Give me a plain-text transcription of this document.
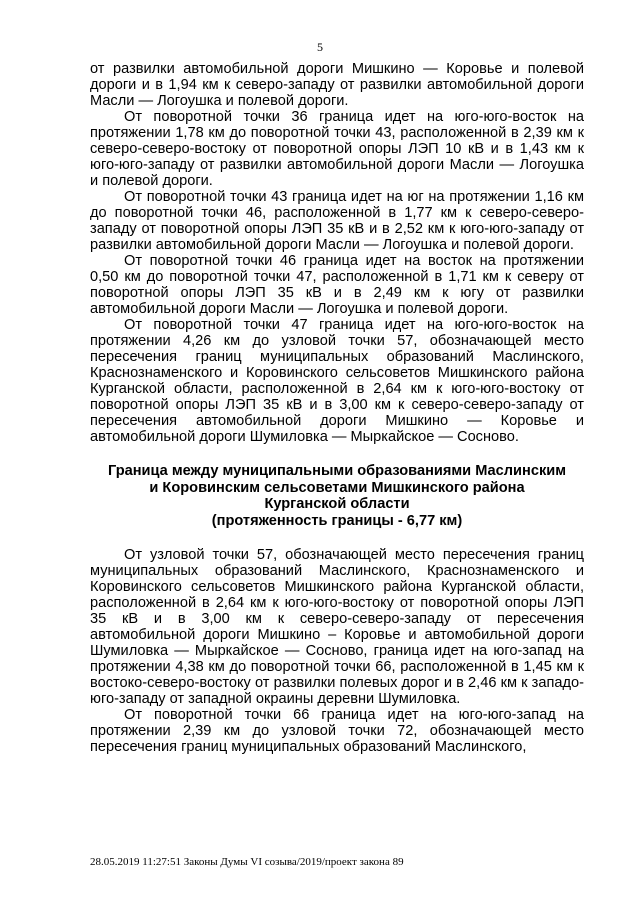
5

от развилки автомобильной дороги Мишкино — Коровье и полевой дороги и в 1,94 км к северо-западу от развилки автомобильной дороги Масли — Логоушка и полевой дороги.

От поворотной точки 36 граница идет на юго-юго-восток на протяжении 1,78 км до поворотной точки 43, расположенной в 2,39 км к северо-северо-востоку от поворотной опоры ЛЭП 10 кВ и в 1,43 км к юго-юго-западу от развилки автомобильной дороги Масли — Логоушка и полевой дороги.

От поворотной точки 43 граница идет на юг на протяжении 1,16 км до поворотной точки 46, расположенной в 1,77 км к северо-северо-западу от поворотной опоры ЛЭП 35 кВ и в 2,52 км к юго-юго-западу от развилки автомобильной дороги Масли — Логоушка и полевой дороги.

От поворотной точки 46 граница идет на восток на протяжении 0,50 км до поворотной точки 47, расположенной в 1,71 км к северу от поворотной опоры ЛЭП 35 кВ и в 2,49 км к югу от развилки автомобильной дороги Масли — Логоушка и полевой дороги.

От поворотной точки 47 граница идет на юго-юго-восток на протяжении 4,26 км до узловой точки 57, обозначающей место пересечения границ муниципальных образований Маслинского, Краснознаменского и Коровинского сельсоветов Мишкинского района Курганской области, расположенной в 2,64 км к юго-юго-востоку от поворотной опоры ЛЭП 35 кВ и в 3,00 км к северо-северо-западу от пересечения автомобильной дороги Мишкино — Коровье и автомобильной дороги Шумиловка — Мыркайское — Сосново.

Граница между муниципальными образованиями Маслинским
и Коровинским сельсоветами Мишкинского района
Курганской области
(протяженность границы - 6,77 км)

От узловой точки 57, обозначающей место пересечения границ муниципальных образований Маслинского, Краснознаменского и Коровинского сельсоветов Мишкинского района Курганской области, расположенной в 2,64 км к юго-юго-востоку от поворотной опоры ЛЭП 35 кВ и в 3,00 км к северо-северо-западу от пересечения автомобильной дороги Мишкино – Коровье и автомобильной дороги Шумиловка — Мыркайское — Сосново, граница идет на юго-запад на протяжении 4,38 км до поворотной точки 66, расположенной в 1,45 км к востоко-северо-востоку от развилки полевых дорог и в 2,46 км к западо-юго-западу от западной окраины деревни Шумиловка.

От поворотной точки 66 граница идет на юго-юго-запад на протяжении 2,39 км до узловой точки 72, обозначающей место пересечения границ муниципальных образований Маслинского,

28.05.2019 11:27:51 Законы Думы VI созыва/2019/проект закона 89
